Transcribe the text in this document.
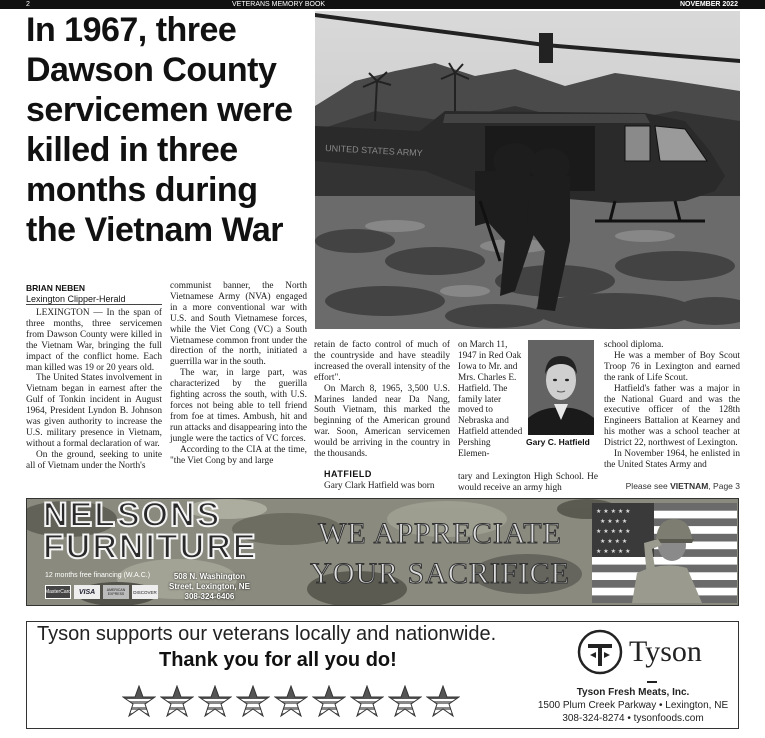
2	VETERANS MEMORY BOOK	NOVEMBER 2022
In 1967, three Dawson County servicemen were killed in three months during the Vietnam War
UNITED STATES ARMY
BRIAN NEBEN
Lexington Clipper-Herald

LEXINGTON — In the span of three months, three servicemen from Dawson County were killed in the Vietnam War, bringing the full impact of the conflict home. Each man killed was 19 or 20 years old.

The United States involvement in Vietnam began in earnest after the Gulf of Tonkin incident in August 1964, President Lyndon B. Johnson was given authority to increase the U.S. military presence in Vietnam, without a formal declaration of war.

On the ground, seeking to unite all of Vietnam under the North's

communist banner, the North Vietnamese Army (NVA) engaged in a more conventional war with U.S. and South Vietnamese forces, while the Viet Cong (VC) a South Vietnamese common front under the direction of the north, initiated a guerrilla war in the south.

The war, in large part, was characterized by the guerilla fighting across the south, with U.S. forces not being able to tell friend from foe at times. Ambush, hit and run attacks and disappearing into the jungle were the tactics of VC forces.

According to the CIA at the time, "the Viet Cong by and large

retain de facto control of much of the countryside and have steadily increased the overall intensity of the effort".

On March 8, 1965, 3,500 U.S. Marines landed near Da Nang, South Vietnam, this marked the beginning of the American ground war. Soon, American servicemen would be arriving in the country in the thousands.

HATFIELD

Gary Clark Hatfield was born

on March 11, 1947 in Red Oak Iowa to Mr. and Mrs. Charles E. Hatfield. The family later moved to Nebraska and Hatfield attended Pershing Elemen-

tary and Lexington High School. He would receive an army high

Gary C. Hatfield

school diploma.

He was a member of Boy Scout Troop 76 in Lexington and earned the rank of Life Scout.

Hatfield's father was a major in the National Guard and was the executive officer of the 128th Engineers Battalion at Kearney and his mother was a school teacher at District 22, northwest of Lexington.

In November 1964, he enlisted in the United States Army and

Please see VIETNAM, Page 3
NELSONS
FURNITURE
12 months free financing (W.A.C.)
MasterCard	VISA	AMERICAN EXPRESS	DISCOVER
508 N. Washington
Street, Lexington, NE
308-324-6406
WE APPRECIATE
YOUR SACRIFICE
★ ★ ★ ★ ★
★ ★ ★ ★
★ ★ ★ ★ ★
★ ★ ★ ★
★ ★ ★ ★ ★
Tyson supports our veterans locally and nationwide.
Thank you for all you do!	Tyson
Tyson Fresh Meats, Inc.
1500 Plum Creek Parkway • Lexington, NE
308-324-8274 • tysonfoods.com
